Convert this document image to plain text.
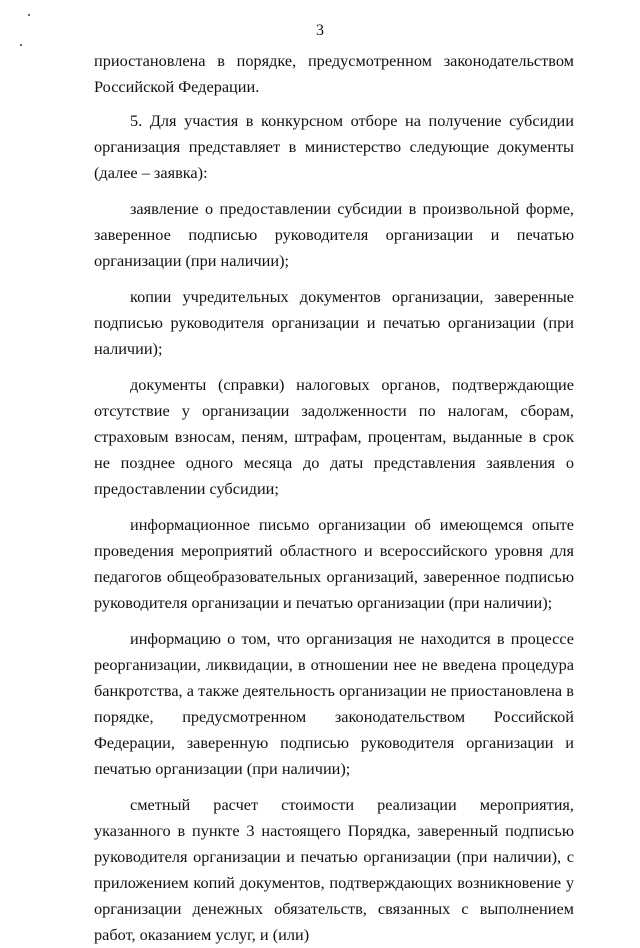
3

приостановлена в порядке, предусмотренном законодательством Российской Федерации.

5. Для участия в конкурсном отборе на получение субсидии организация представляет в министерство следующие документы (далее – заявка):

заявление о предоставлении субсидии в произвольной форме, заверенное подписью руководителя организации и печатью организации (при наличии);

копии учредительных документов организации, заверенные подписью руководителя организации и печатью организации (при наличии);

документы (справки) налоговых органов, подтверждающие отсутствие у организации задолженности по налогам, сборам, страховым взносам, пеням, штрафам, процентам, выданные в срок не позднее одного месяца до даты представления заявления о предоставлении субсидии;

информационное письмо организации об имеющемся опыте проведения мероприятий областного и всероссийского уровня для педагогов общеобразовательных организаций, заверенное подписью руководителя организации и печатью организации (при наличии);

информацию о том, что организация не находится в процессе реорганизации, ликвидации, в отношении нее не введена процедура банкротства, а также деятельность организации не приостановлена в порядке, предусмотренном законодательством Российской Федерации, заверенную подписью руководителя организации и печатью организации (при наличии);

сметный расчет стоимости реализации мероприятия, указанного в пункте 3 настоящего Порядка, заверенный подписью руководителя организации и печатью организации (при наличии), с приложением копий документов, подтверждающих возникновение у организации денежных обязательств, связанных с выполнением работ, оказанием услуг, и (или)
